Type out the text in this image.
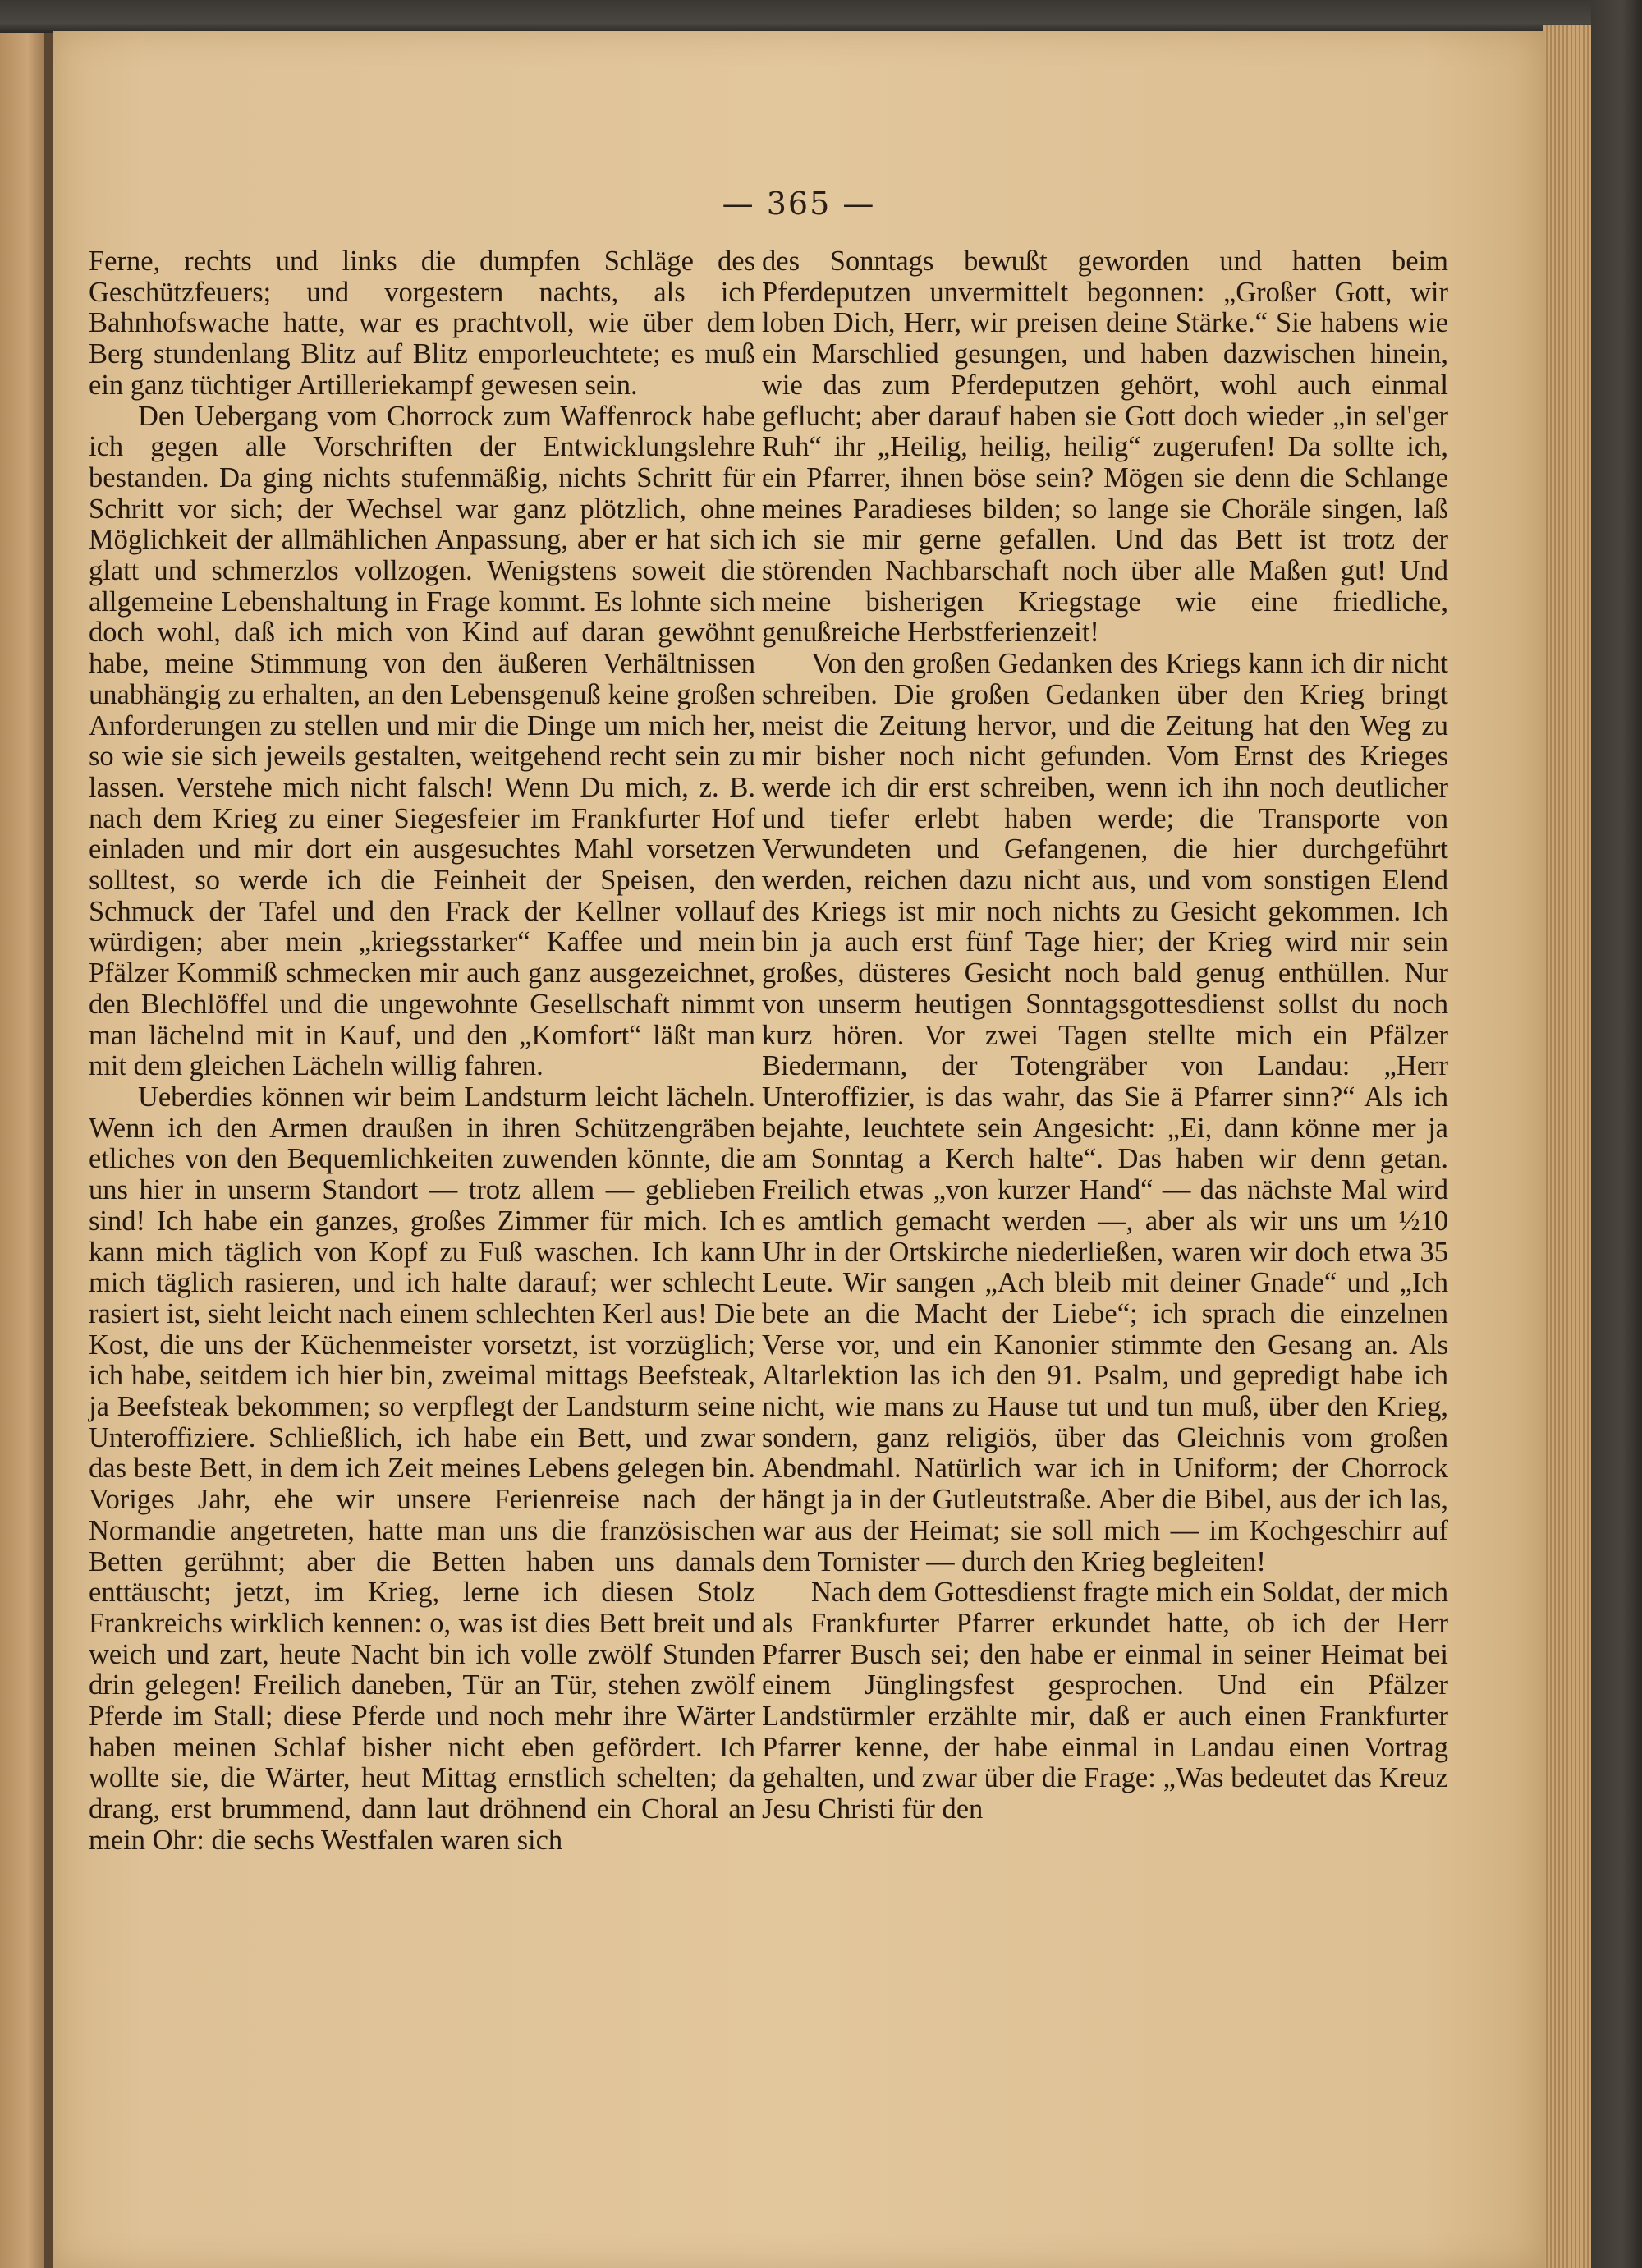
— 365 —

Ferne, rechts und links die dumpfen Schläge des Geschützfeuers; und vorgestern nachts, als ich Bahnhofswache hatte, war es prachtvoll, wie über dem Berg stundenlang Blitz auf Blitz emporleuchtete; es muß ein ganz tüchtiger Artilleriekampf gewesen sein.

Den Uebergang vom Chorrock zum Waffenrock habe ich gegen alle Vorschriften der Entwicklungslehre bestanden. Da ging nichts stufenmäßig, nichts Schritt für Schritt vor sich; der Wechsel war ganz plötzlich, ohne Möglichkeit der allmählichen Anpassung, aber er hat sich glatt und schmerzlos vollzogen. Wenigstens soweit die allgemeine Lebenshaltung in Frage kommt. Es lohnte sich doch wohl, daß ich mich von Kind auf daran gewöhnt habe, meine Stimmung von den äußeren Verhältnissen unabhängig zu erhalten, an den Lebensgenuß keine großen Anforderungen zu stellen und mir die Dinge um mich her, so wie sie sich jeweils gestalten, weitgehend recht sein zu lassen. Verstehe mich nicht falsch! Wenn Du mich, z. B. nach dem Krieg zu einer Siegesfeier im Frankfurter Hof einladen und mir dort ein ausgesuchtes Mahl vorsetzen solltest, so werde ich die Feinheit der Speisen, den Schmuck der Tafel und den Frack der Kellner vollauf würdigen; aber mein „kriegsstarker“ Kaffee und mein Pfälzer Kommiß schmecken mir auch ganz ausgezeichnet, den Blechlöffel und die ungewohnte Gesellschaft nimmt man lächelnd mit in Kauf, und den „Komfort“ läßt man mit dem gleichen Lächeln willig fahren.

Ueberdies können wir beim Landsturm leicht lächeln. Wenn ich den Armen draußen in ihren Schützengräben etliches von den Bequemlichkeiten zuwenden könnte, die uns hier in unserm Standort — trotz allem — geblieben sind! Ich habe ein ganzes, großes Zimmer für mich. Ich kann mich täglich von Kopf zu Fuß waschen. Ich kann mich täglich rasieren, und ich halte darauf; wer schlecht rasiert ist, sieht leicht nach einem schlechten Kerl aus! Die Kost, die uns der Küchenmeister vorsetzt, ist vorzüglich; ich habe, seitdem ich hier bin, zweimal mittags Beefsteak, ja Beefsteak bekommen; so verpflegt der Landsturm seine Unteroffiziere. Schließlich, ich habe ein Bett, und zwar das beste Bett, in dem ich Zeit meines Lebens gelegen bin. Voriges Jahr, ehe wir unsere Ferienreise nach der Normandie angetreten, hatte man uns die französischen Betten gerühmt; aber die Betten haben uns damals enttäuscht; jetzt, im Krieg, lerne ich diesen Stolz Frankreichs wirklich kennen: o, was ist dies Bett breit und weich und zart, heute Nacht bin ich volle zwölf Stunden drin gelegen! Freilich daneben, Tür an Tür, stehen zwölf Pferde im Stall; diese Pferde und noch mehr ihre Wärter haben meinen Schlaf bisher nicht eben gefördert. Ich wollte sie, die Wärter, heut Mittag ernstlich schelten; da drang, erst brummend, dann laut dröhnend ein Choral an mein Ohr: die sechs Westfalen waren sich

des Sonntags bewußt geworden und hatten beim Pferdeputzen unvermittelt begonnen: „Großer Gott, wir loben Dich, Herr, wir preisen deine Stärke.“ Sie habens wie ein Marschlied gesungen, und haben dazwischen hinein, wie das zum Pferdeputzen gehört, wohl auch einmal geflucht; aber darauf haben sie Gott doch wieder „in sel'ger Ruh“ ihr „Heilig, heilig, heilig“ zugerufen! Da sollte ich, ein Pfarrer, ihnen böse sein? Mögen sie denn die Schlange meines Paradieses bilden; so lange sie Choräle singen, laß ich sie mir gerne gefallen. Und das Bett ist trotz der störenden Nachbarschaft noch über alle Maßen gut! Und meine bisherigen Kriegstage wie eine friedliche, genußreiche Herbstferienzeit!

Von den großen Gedanken des Kriegs kann ich dir nicht schreiben. Die großen Gedanken über den Krieg bringt meist die Zeitung hervor, und die Zeitung hat den Weg zu mir bisher noch nicht gefunden. Vom Ernst des Krieges werde ich dir erst schreiben, wenn ich ihn noch deutlicher und tiefer erlebt haben werde; die Transporte von Verwundeten und Gefangenen, die hier durchgeführt werden, reichen dazu nicht aus, und vom sonstigen Elend des Kriegs ist mir noch nichts zu Gesicht gekommen. Ich bin ja auch erst fünf Tage hier; der Krieg wird mir sein großes, düsteres Gesicht noch bald genug enthüllen. Nur von unserm heutigen Sonntagsgottesdienst sollst du noch kurz hören. Vor zwei Tagen stellte mich ein Pfälzer Biedermann, der Totengräber von Landau: „Herr Unteroffizier, is das wahr, das Sie ä Pfarrer sinn?“ Als ich bejahte, leuchtete sein Angesicht: „Ei, dann könne mer ja am Sonntag a Kerch halte“. Das haben wir denn getan. Freilich etwas „von kurzer Hand“ — das nächste Mal wird es amtlich gemacht werden —, aber als wir uns um ½10 Uhr in der Ortskirche niederließen, waren wir doch etwa 35 Leute. Wir sangen „Ach bleib mit deiner Gnade“ und „Ich bete an die Macht der Liebe“; ich sprach die einzelnen Verse vor, und ein Kanonier stimmte den Gesang an. Als Altarlektion las ich den 91. Psalm, und gepredigt habe ich nicht, wie mans zu Hause tut und tun muß, über den Krieg, sondern, ganz religiös, über das Gleichnis vom großen Abendmahl. Natürlich war ich in Uniform; der Chorrock hängt ja in der Gutleutstraße. Aber die Bibel, aus der ich las, war aus der Heimat; sie soll mich — im Kochgeschirr auf dem Tornister — durch den Krieg begleiten!

Nach dem Gottesdienst fragte mich ein Soldat, der mich als Frankfurter Pfarrer erkundet hatte, ob ich der Herr Pfarrer Busch sei; den habe er einmal in seiner Heimat bei einem Jünglingsfest gesprochen. Und ein Pfälzer Landstürmler erzählte mir, daß er auch einen Frankfurter Pfarrer kenne, der habe einmal in Landau einen Vortrag gehalten, und zwar über die Frage: „Was bedeutet das Kreuz Jesu Christi für den
